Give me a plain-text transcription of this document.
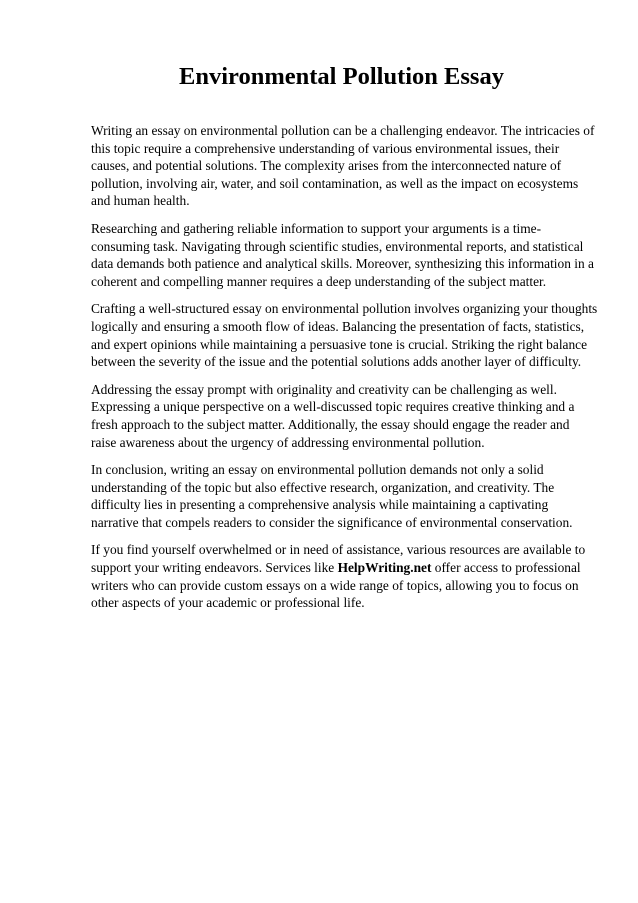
Environmental Pollution Essay

Writing an essay on environmental pollution can be a challenging endeavor. The intricacies of this topic require a comprehensive understanding of various environmental issues, their causes, and potential solutions. The complexity arises from the interconnected nature of pollution, involving air, water, and soil contamination, as well as the impact on ecosystems and human health.

Researching and gathering reliable information to support your arguments is a time-consuming task. Navigating through scientific studies, environmental reports, and statistical data demands both patience and analytical skills. Moreover, synthesizing this information in a coherent and compelling manner requires a deep understanding of the subject matter.

Crafting a well-structured essay on environmental pollution involves organizing your thoughts logically and ensuring a smooth flow of ideas. Balancing the presentation of facts, statistics, and expert opinions while maintaining a persuasive tone is crucial. Striking the right balance between the severity of the issue and the potential solutions adds another layer of difficulty.

Addressing the essay prompt with originality and creativity can be challenging as well. Expressing a unique perspective on a well-discussed topic requires creative thinking and a fresh approach to the subject matter. Additionally, the essay should engage the reader and raise awareness about the urgency of addressing environmental pollution.

In conclusion, writing an essay on environmental pollution demands not only a solid understanding of the topic but also effective research, organization, and creativity. The difficulty lies in presenting a comprehensive analysis while maintaining a captivating narrative that compels readers to consider the significance of environmental conservation.

If you find yourself overwhelmed or in need of assistance, various resources are available to support your writing endeavors. Services like HelpWriting.net offer access to professional writers who can provide custom essays on a wide range of topics, allowing you to focus on other aspects of your academic or professional life.
